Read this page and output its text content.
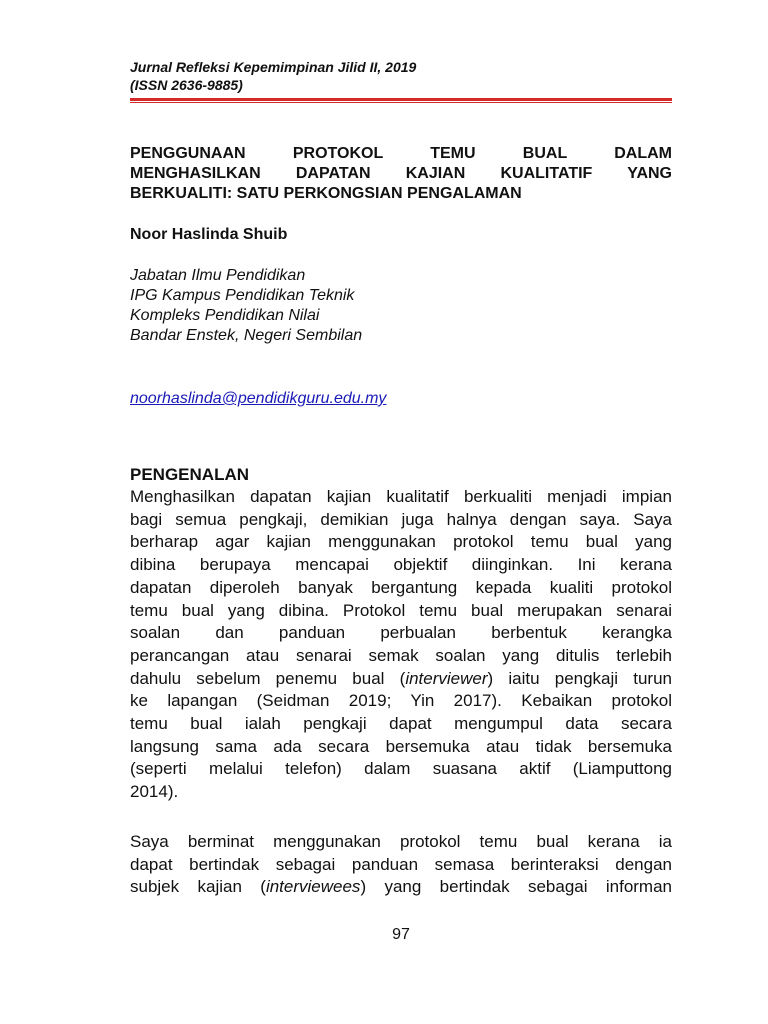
Jurnal Refleksi Kepemimpinan Jilid II, 2019
(ISSN 2636-9885)
PENGGUNAAN PROTOKOL TEMU BUAL DALAM
MENGHASILKAN DAPATAN KAJIAN KUALITATIF YANG
BERKUALITI: SATU PERKONGSIAN PENGALAMAN
Noor Haslinda Shuib
Jabatan Ilmu Pendidikan
IPG Kampus Pendidikan Teknik
Kompleks Pendidikan Nilai
Bandar Enstek, Negeri Sembilan
noorhaslinda@pendidikguru.edu.my
PENGENALAN
Menghasilkan dapatan kajian kualitatif berkualiti menjadi impian
bagi semua pengkaji, demikian juga halnya dengan saya. Saya
berharap agar kajian menggunakan protokol temu bual yang
dibina berupaya mencapai objektif diinginkan. Ini kerana
dapatan diperoleh banyak bergantung kepada kualiti protokol
temu bual yang dibina. Protokol temu bual merupakan senarai
soalan dan panduan perbualan berbentuk kerangka
perancangan atau senarai semak soalan yang ditulis terlebih
dahulu sebelum penemu bual (interviewer) iaitu pengkaji turun
ke lapangan (Seidman 2019; Yin 2017). Kebaikan protokol
temu bual ialah pengkaji dapat mengumpul data secara
langsung sama ada secara bersemuka atau tidak bersemuka
(seperti melalui telefon) dalam suasana aktif (Liamputtong
2014).
Saya berminat menggunakan protokol temu bual kerana ia
dapat bertindak sebagai panduan semasa berinteraksi dengan
subjek kajian (interviewees) yang bertindak sebagai informan
97
